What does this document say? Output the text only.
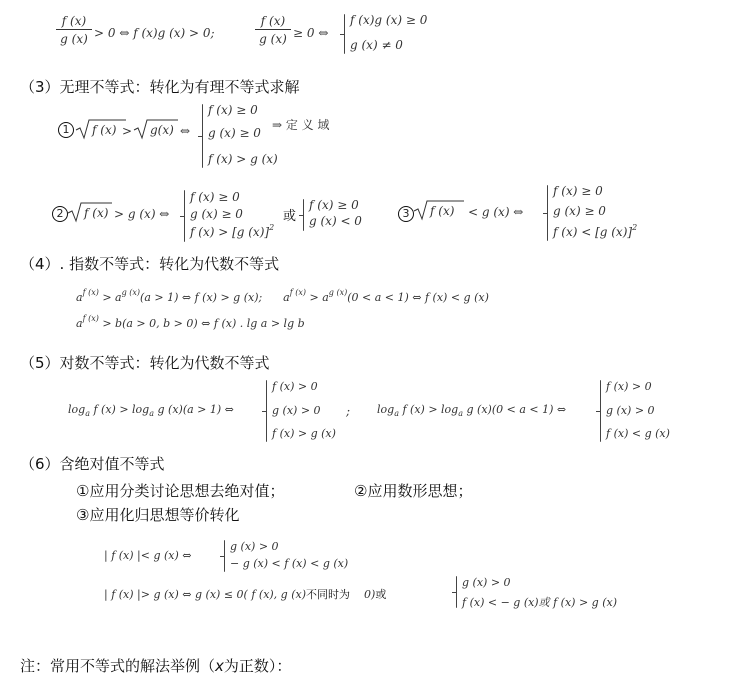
$\frac{f (x)}{g (x)} > 0$ ⇔ f (x)g (x) > 0;	$\frac{f (x)}{g (x)} \ge 0$ ⇔
f (x)g (x) ≥ 0
g (x) ≠ 0
（3）无理不等式：转化为有理不等式求解
1	f (x) > g(x) ⇔
f (x) ≥ 0
g (x) ≥ 0
f (x) > g (x)
⇒ 定 义 域
2	f (x) > g (x) ⇔
f (x) ≥ 0
g (x) ≥ 0
f (x) > [g (x)]$^2$
或
f (x) ≥ 0
g (x) < 0
3	f (x) < g (x) ⇔
f (x) ≥ 0
g (x) ≥ 0
f (x) < [g (x)]$^2$
（4）. 指数不等式：转化为代数不等式
$a^{f (x)} > a^{g (x)}(a > 1)$ ⇔ f (x) > g (x); $a^{f (x)} > a^{g (x)}(0 < a < 1)$ ⇔ f (x) < g (x)
$a^{f (x)} > b(a > 0$, b > 0) ⇔ f (x) . lg a > lg b
（5）对数不等式：转化为代数不等式
$\log_a f$ $(x) > \log_a g$ (x)(a > 1) ⇔
f (x) > 0
g (x) > 0
f (x) > g (x)
; $\log_a f$ $(x) > \log_a g$ (x)(0 < a < 1) ⇔
f (x) > 0
g (x) > 0
f (x) < g (x)
（6）含绝对值不等式
①应用分类讨论思想去绝对值；	②应用数形思想；
③应用化归思想等价转化
| f (x) |< g (x) ⇔
g (x) > 0
− g (x) < f (x) < g (x)
| f (x) |> g (x) ⇔ g (x) ≤ 0( f (x), g (x)不同时为 0)或
g (x) > 0
f (x) < − g (x)或 f (x) > g (x)
注：常用不等式的解法举例（x为正数）：
